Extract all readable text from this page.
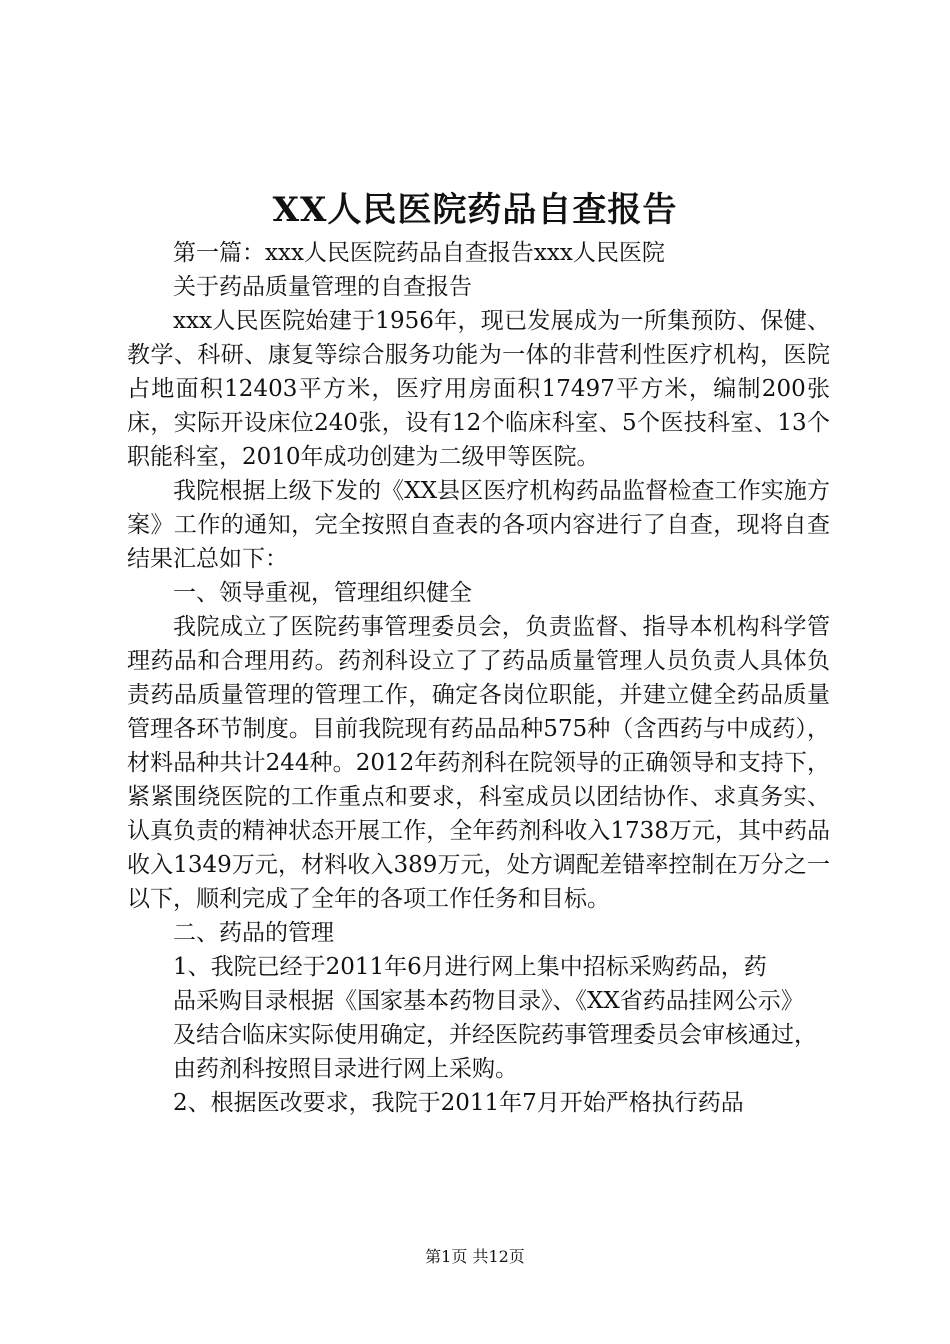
XX人民医院药品自查报告

第一篇：xxx人民医院药品自查报告xxx人民医院

关于药品质量管理的自查报告

xxx人民医院始建于1956年，现已发展成为一所集预防、保健、教学、科研、康复等综合服务功能为一体的非营利性医疗机构，医院占地面积12403平方米，医疗用房面积17497平方米，编制200张床，实际开设床位240张，设有12个临床科室、5个医技科室、13个职能科室，2010年成功创建为二级甲等医院。

我院根据上级下发的《XX县区医疗机构药品监督检查工作实施方案》工作的通知，完全按照自查表的各项内容进行了自查，现将自查结果汇总如下：

一、领导重视，管理组织健全

我院成立了医院药事管理委员会，负责监督、指导本机构科学管理药品和合理用药。药剂科设立了了药品质量管理人员负责人具体负责药品质量管理的管理工作，确定各岗位职能，并建立健全药品质量管理各环节制度。目前我院现有药品品种575种（含西药与中成药），材料品种共计244种。2012年药剂科在院领导的正确领导和支持下，紧紧围绕医院的工作重点和要求，科室成员以团结协作、求真务实、认真负责的精神状态开展工作，全年药剂科收入1738万元，其中药品收入1349万元，材料收入389万元，处方调配差错率控制在万分之一以下，顺利完成了全年的各项工作任务和目标。

二、药品的管理

1、我院已经于2011年6月进行网上集中招标采购药品，药

品采购目录根据《国家基本药物目录》、《XX省药品挂网公示》

及结合临床实际使用确定，并经医院药事管理委员会审核通过，

由药剂科按照目录进行网上采购。

2、根据医改要求，我院于2011年7月开始严格执行药品

第1页 共12页
